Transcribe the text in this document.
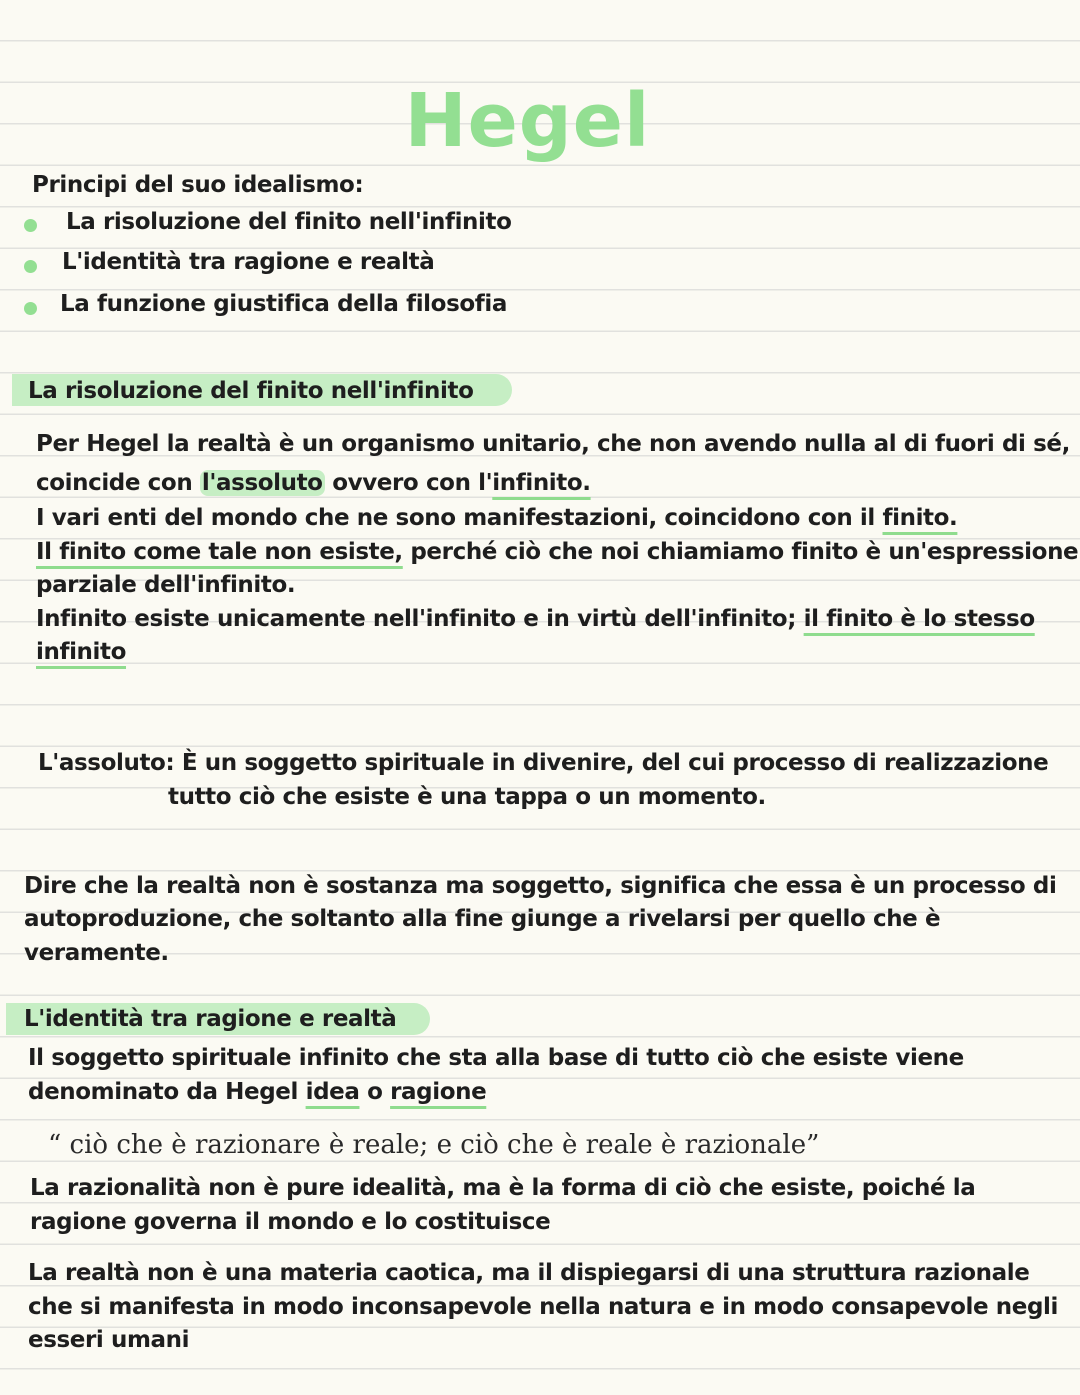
Hegel
Principi del suo idealismo:
La risoluzione del finito nell'infinito
L'identità tra ragione e realtà
La funzione giustifica della filosofia
La risoluzione del finito nell'infinito
Per Hegel la realtà è un organismo unitario, che non avendo nulla al di fuori di sé,
coincide con l'assoluto ovvero con l'infinito.
I vari enti del mondo che ne sono manifestazioni, coincidono con il finito.
Il finito come tale non esiste, perché ciò che noi chiamiamo finito è un'espressione
parziale dell'infinito.
Infinito esiste unicamente nell'infinito e in virtù dell'infinito; il finito è lo stesso
infinito
L'assoluto: È un soggetto spirituale in divenire, del cui processo di realizzazione
tutto ciò che esiste è una tappa o un momento.
Dire che la realtà non è sostanza ma soggetto, significa che essa è un processo di
autoproduzione, che soltanto alla fine giunge a rivelarsi per quello che è
veramente.
L'identità tra ragione e realtà
Il soggetto spirituale infinito che sta alla base di tutto ciò che esiste viene
denominato da Hegel idea o ragione
“ ciò che è razionare è reale; e ciò che è reale è razionale”
La razionalità non è pure idealità, ma è la forma di ciò che esiste, poiché la
ragione governa il mondo e lo costituisce
La realtà non è una materia caotica, ma il dispiegarsi di una struttura razionale
che si manifesta in modo inconsapevole nella natura e in modo consapevole negli
esseri umani
